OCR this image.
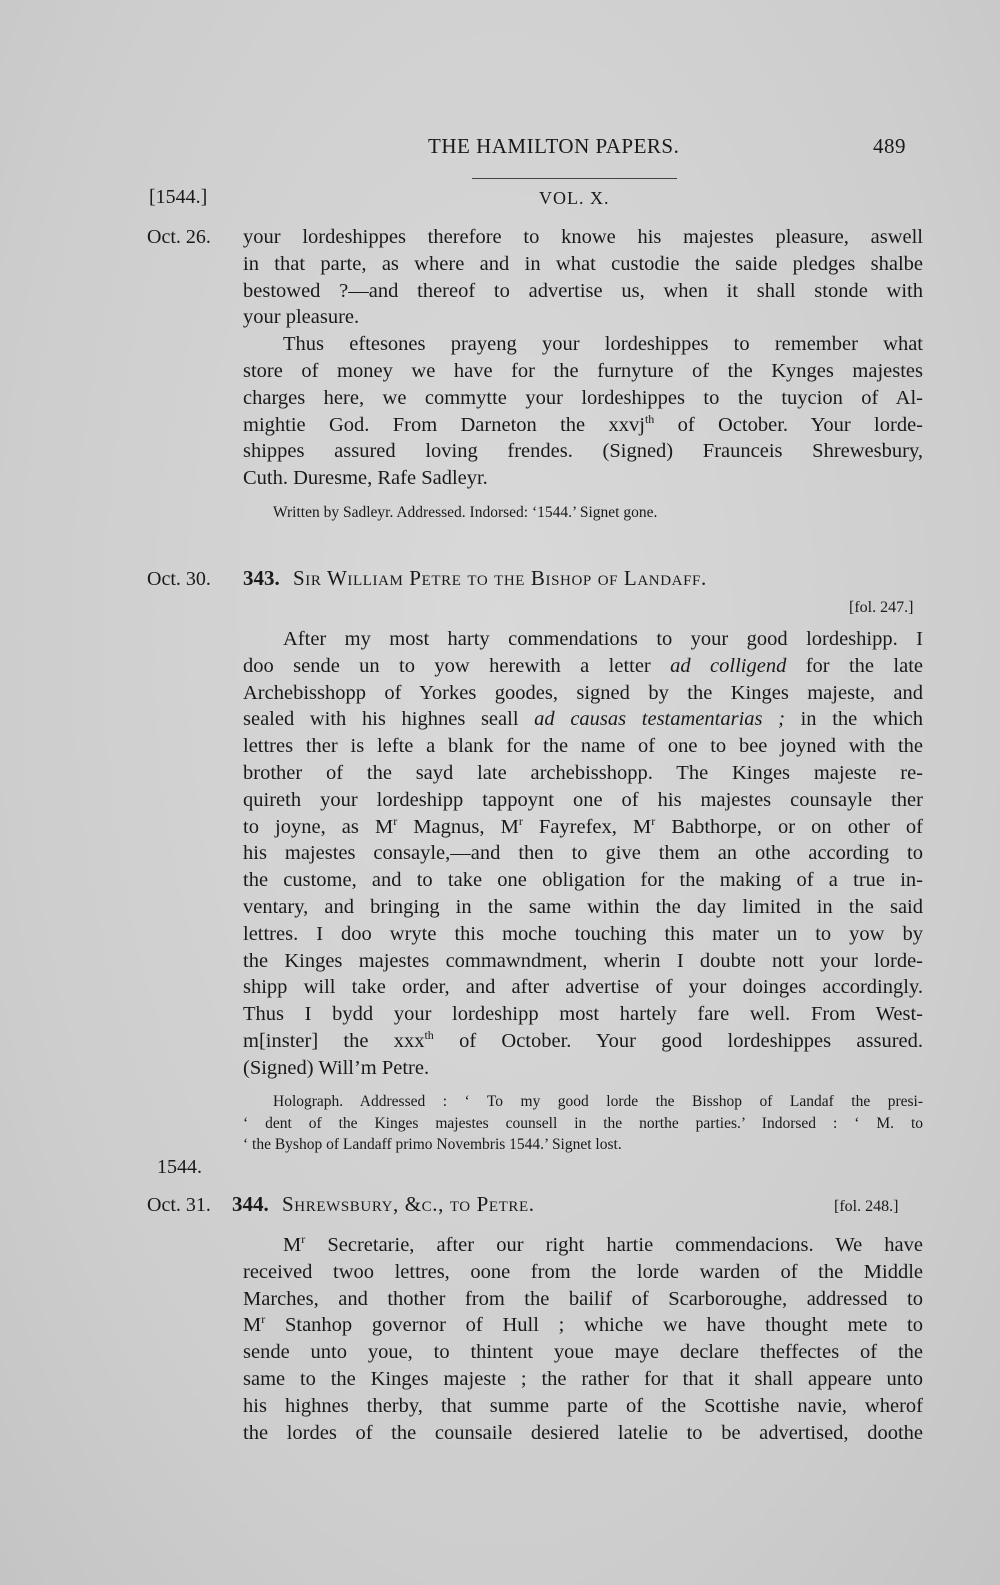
THE HAMILTON PAPERS.	489
[1544.]	VOL. X.
Oct. 26. your lordeshippes therefore to knowe his majestes pleasure, aswell

in that parte, as where and in what custodie the saide pledges shalbe

bestowed ?—and thereof to advertise us, when it shall stonde with

your pleasure.

Thus eftesones prayeng your lordeshippes to remember what

store of money we have for the furnyture of the Kynges majestes

charges here, we commytte your lordeshippes to the tuycion of Al-

mightie God. From Darneton the xxvj$^{th}$ of October. Your lorde-

shippes assured loving frendes. (Signed) Fraunceis Shrewesbury,

Cuth. Duresme, Rafe Sadleyr.

Written by Sadleyr. Addressed. Indorsed: ‘1544.’ Signet gone.

Oct. 30. 343. Sir William Petre to the Bishop of Landaff.
[fol. 247.]

After my most harty commendations to your good lordeshipp. I

doo sende un to yow herewith a letter ad colligend for the late

Archebisshopp of Yorkes goodes, signed by the Kinges majeste, and

sealed with his highnes seall ad causas testamentarias ; in the which

lettres ther is lefte a blank for the name of one to bee joyned with the

brother of the sayd late archebisshopp. The Kinges majeste re-

quireth your lordeshipp tappoynt one of his majestes counsayle ther

to joyne, as $M^r$ Magnus, $M^r$ Fayrefex, $M^r$ Babthorpe, or on other of

his majestes consayle,—and then to give them an othe according to

the custome, and to take one obligation for the making of a true in-

ventary, and bringing in the same within the day limited in the said

lettres. I doo wryte this moche touching this mater un to yow by

the Kinges majestes commawndment, wherin I doubte nott your lorde-

shipp will take order, and after advertise of your doinges accordingly.

Thus I bydd your lordeshipp most hartely fare well. From West-

m[inster] the xxx$^{th}$ of October. Your good lordeshippes assured.

(Signed) Will’m Petre.

Holograph. Addressed : ‘ To my good lorde the Bisshop of Landaf the presi-

‘ dent of the Kinges majestes counsell in the northe parties.’ Indorsed : ‘ M. to

‘ the Byshop of Landaff primo Novembris 1544.’ Signet lost.

1544.
Oct. 31. 344. Shrewsbury, &c., to Petre.	[fol. 248.]

$M^r$ Secretarie, after our right hartie commendacions. We have

received twoo lettres, oone from the lorde warden of the Middle

Marches, and thother from the bailif of Scarboroughe, addressed to

$M^r$ Stanhop governor of Hull ; whiche we have thought mete to

sende unto youe, to thintent youe maye declare theffectes of the

same to the Kinges majeste ; the rather for that it shall appeare unto

his highnes therby, that summe parte of the Scottishe navie, wherof

the lordes of the counsaile desiered latelie to be advertised, doothe
